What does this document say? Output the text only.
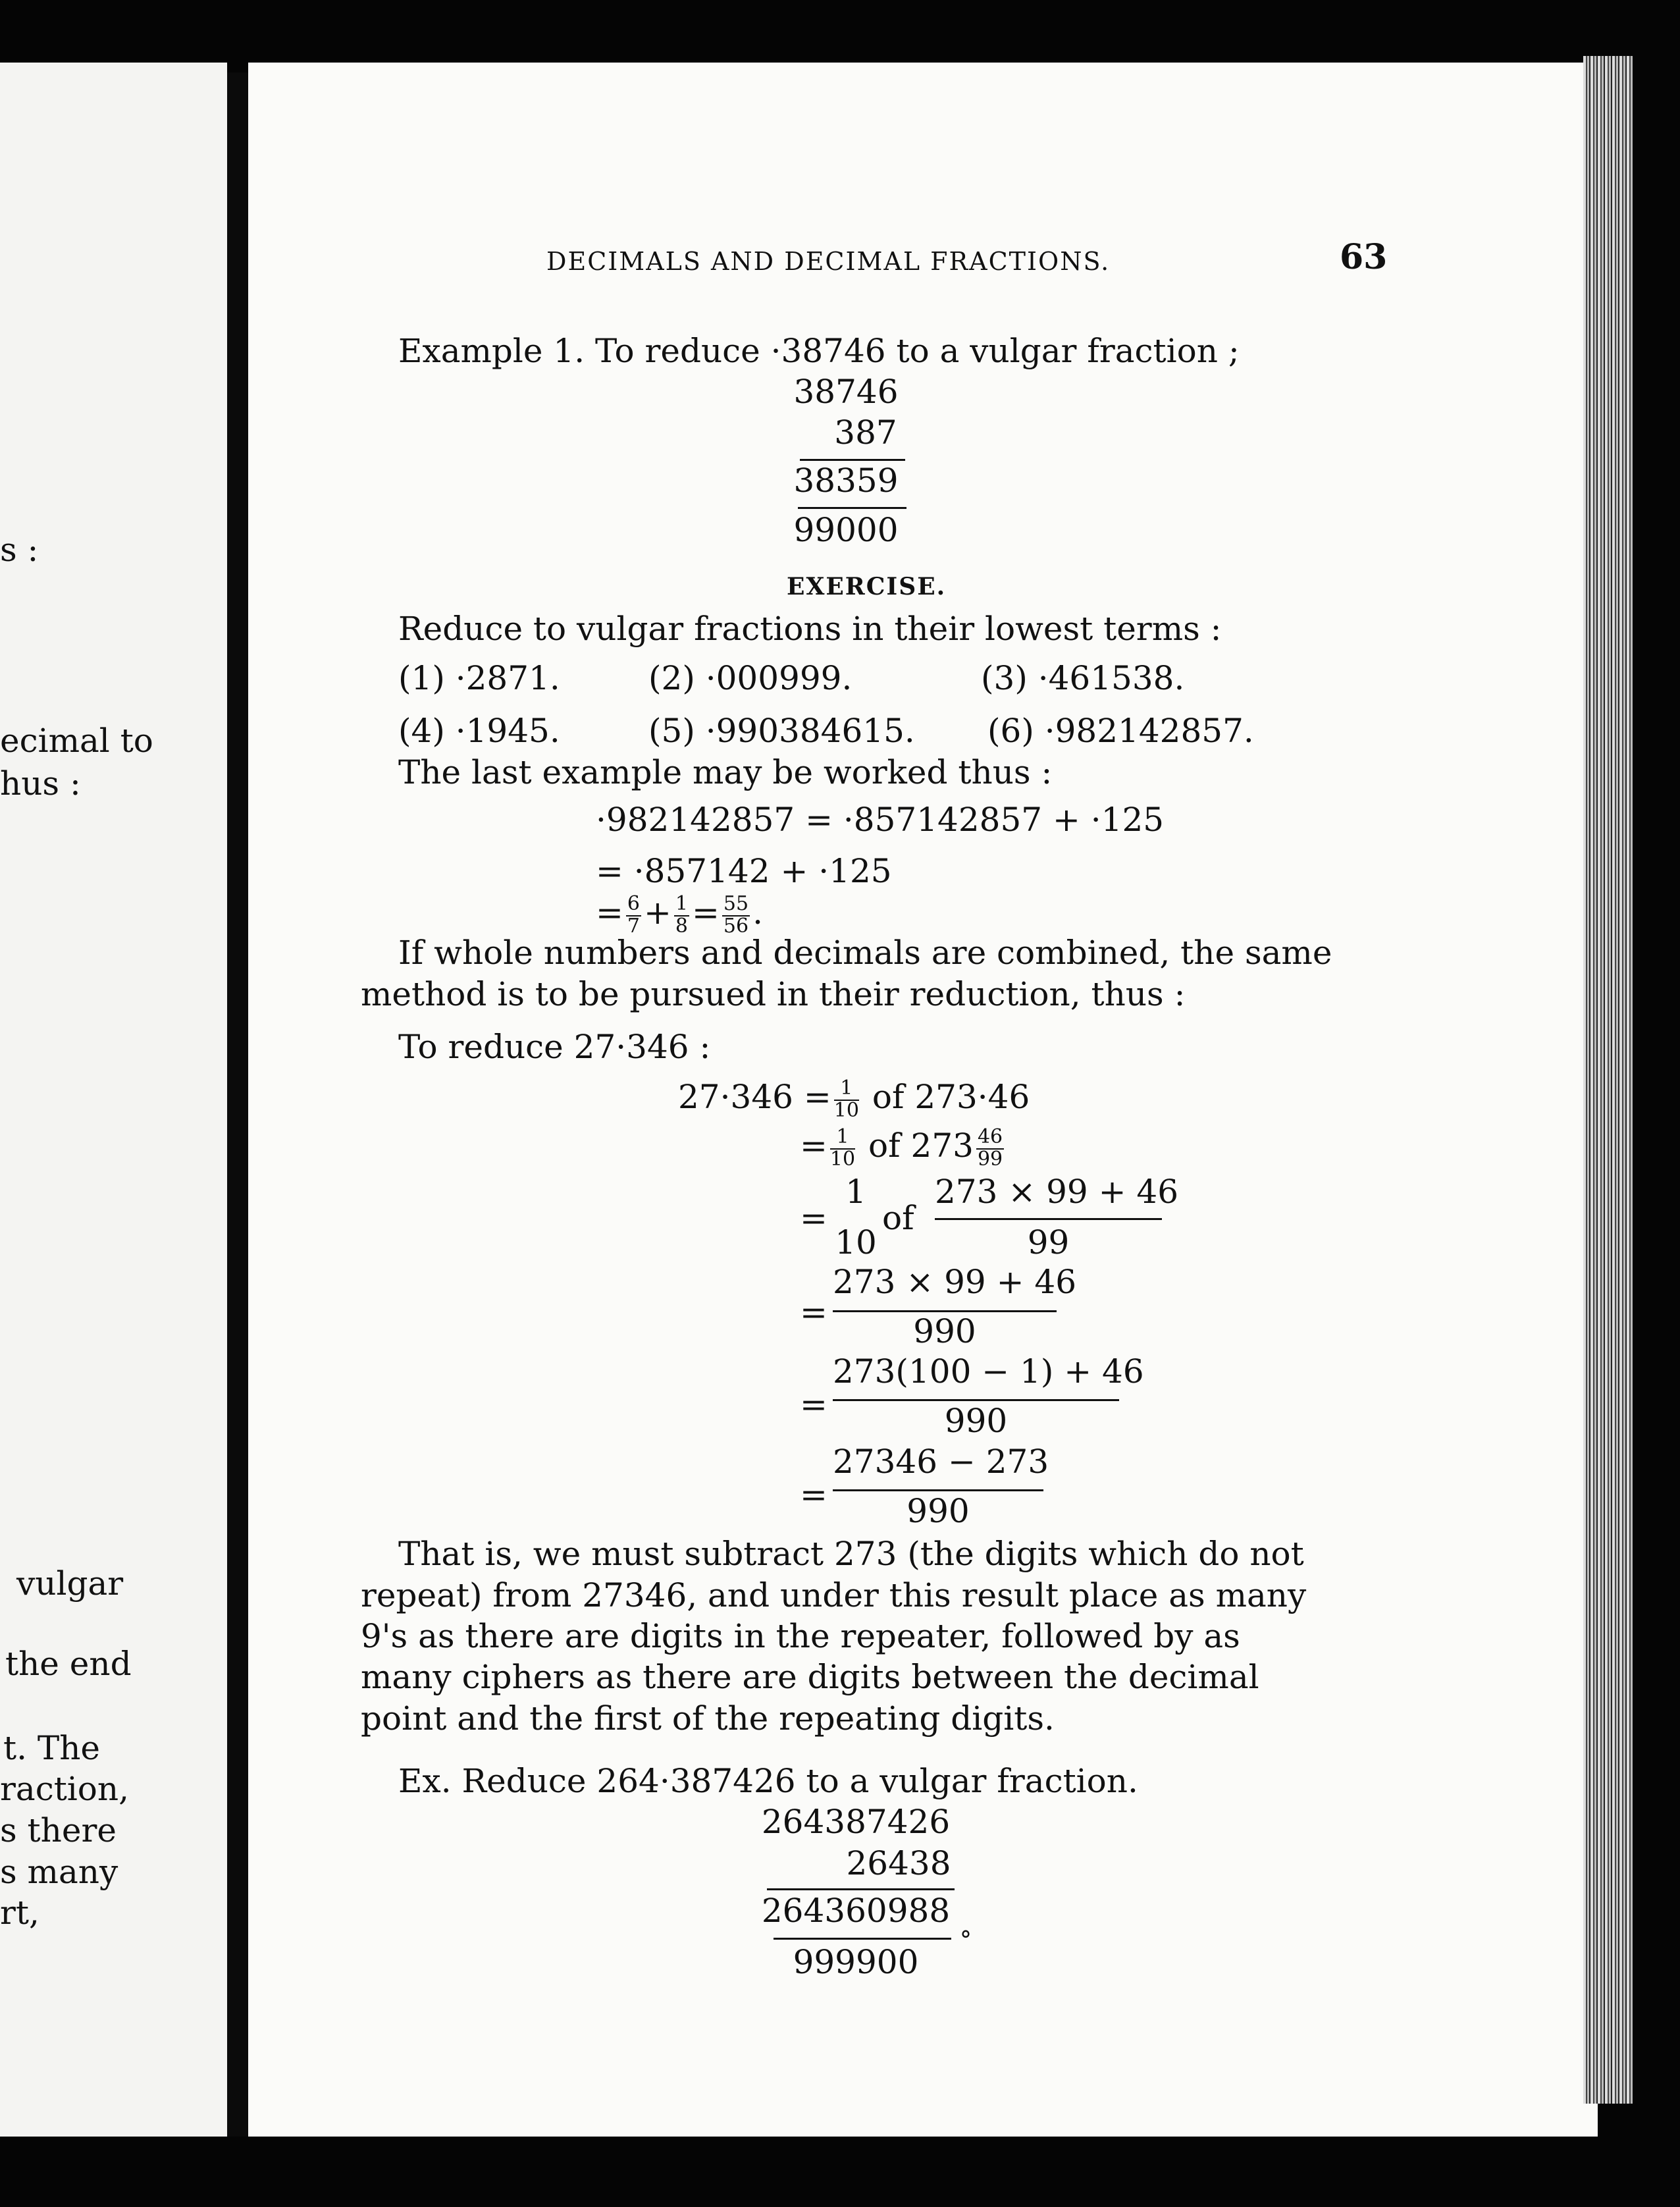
s :
ecimal to
hus :
vulgar
the end
t. The
raction,
s there
s many
rt,
DECIMALS AND DECIMAL FRACTIONS.	63
Example 1. To reduce ·38746 to a vulgar fraction ;
38746
387
38359
99000
EXERCISE.
Reduce to vulgar fractions in their lowest terms :
(1) ·2871.	(2) ·000999.	(3) ·461538.
(4) ·1945.	(5) ·990384615. (6) ·982142857.
The last example may be worked thus :
·982142857 = ·857142857 + ·125
= ·857142 + ·125
= $\frac{6}{7} + \frac{1}{8} = \frac{55}{56}$ .
If whole numbers and decimals are combined, the same
method is to be pursued in their reduction, thus :
To reduce 27·346 :
$27\cdot 346 = \frac{1}{10}$ of 273·46
= $\frac{1}{10}$ of $273 \frac{46}{99}$
=
1
10
of
273 × 99 + 46
99
=
273 × 99 + 46
990
=
273(100 − 1) + 46
990
=
27346 − 273
990
That is, we must subtract 273 (the digits which do not
repeat) from 27346, and under this result place as many
9's as there are digits in the repeater, followed by as
many ciphers as there are digits between the decimal
point and the first of the repeating digits.
Ex. Reduce 264·387426 to a vulgar fraction.
264387426
26438
264360988
999900
°
